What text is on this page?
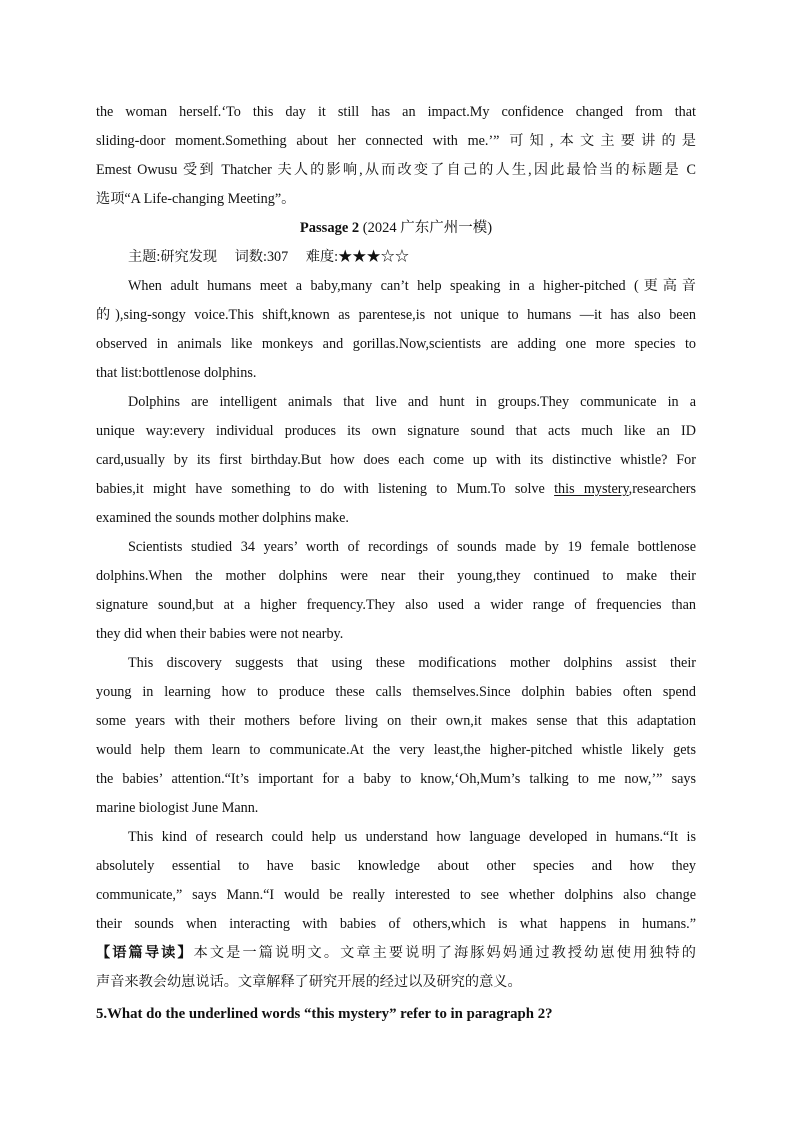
the woman herself.‘To this day it still has an impact.My confidence changed from that
sliding-door moment.Something about her connected with me.’” 可知,本文主要讲的是
Emest Owusu 受到 Thatcher 夫人的影响,从而改变了自己的人生,因此最恰当的标题是 C
选项“A Life-changing Meeting”。
Passage 2 (2024 广东广州一模)
主题:研究发现 词数:307 难度:★★★☆☆
When adult humans meet a baby,many can’t help speaking in a higher-pitched (更高音
的),sing-songy voice.This shift,known as parentese,is not unique to humans —it has also been
observed in animals like monkeys and gorillas.Now,scientists are adding one more species to
that list:bottlenose dolphins.
Dolphins are intelligent animals that live and hunt in groups.They communicate in a
unique way:every individual produces its own signature sound that acts much like an ID
card,usually by its first birthday.But how does each come up with its distinctive whistle? For
babies,it might have something to do with listening to Mum.To solve this mystery,researchers
examined the sounds mother dolphins make.
Scientists studied 34 years’ worth of recordings of sounds made by 19 female bottlenose
dolphins.When the mother dolphins were near their young,they continued to make their
signature sound,but at a higher frequency.They also used a wider range of frequencies than
they did when their babies were not nearby.
This discovery suggests that using these modifications mother dolphins assist their
young in learning how to produce these calls themselves.Since dolphin babies often spend
some years with their mothers before living on their own,it makes sense that this adaptation
would help them learn to communicate.At the very least,the higher-pitched whistle likely gets
the babies’ attention.“It’s important for a baby to know,‘Oh,Mum’s talking to me now,’” says
marine biologist June Mann.
This kind of research could help us understand how language developed in humans.“It is
absolutely essential to have basic knowledge about other species and how they
communicate,” says Mann.“I would be really interested to see whether dolphins also change
their sounds when interacting with babies of others,which is what happens in humans.”
【语篇导读】本文是一篇说明文。文章主要说明了海豚妈妈通过教授幼崽使用独特的
声音来教会幼崽说话。文章解释了研究开展的经过以及研究的意义。
5.What do the underlined words “this mystery” refer to in paragraph 2?
